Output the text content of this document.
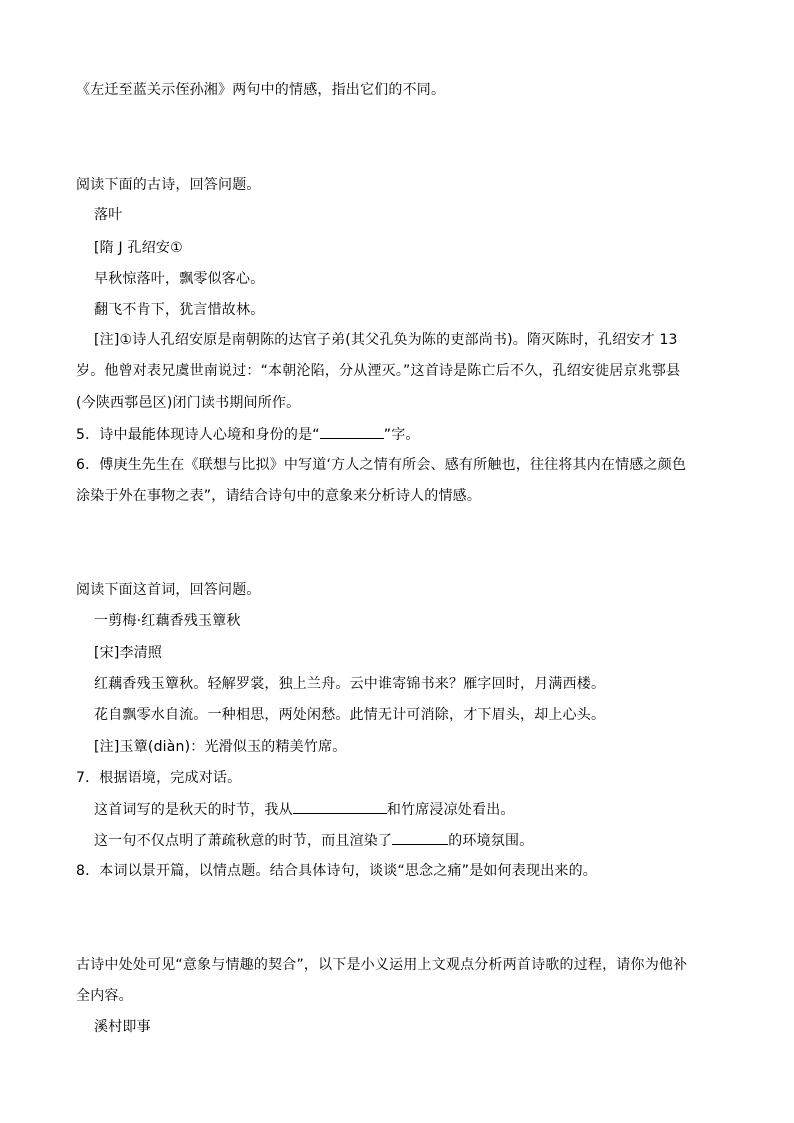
《左迁至蓝关示侄孙湘》两句中的情感，指出它们的不同。
阅读下面的古诗，回答问题。
落叶
[隋 J 孔绍安①
早秋惊落叶，飘零似客心。
翻飞不肯下，犹言惜故林。
[注]①诗人孔绍安原是南朝陈的达官子弟(其父孔奂为陈的吏部尚书)。隋灭陈时，孔绍安才 13
岁。他曾对表兄虞世南说过：“本朝沦陷，分从湮灭。”这首诗是陈亡后不久，孔绍安徙居京兆鄠县
(今陕西鄠邑区)闭门读书期间所作。
5．诗中最能体现诗人心境和身份的是“	”字。
6．傅庚生先生在《联想与比拟》中写道‘方人之情有所会、感有所触也，往往将其内在情感之颜色
涂染于外在事物之表”，请结合诗句中的意象来分析诗人的情感。
阅读下面这首词，回答问题。
一剪梅·红藕香残玉簟秋
[宋]李清照
红藕香残玉簟秋。轻解罗裳，独上兰舟。云中谁寄锦书来？雁字回时，月满西楼。
花自飘零水自流。一种相思，两处闲愁。此情无计可消除，才下眉头，却上心头。
[注]玉簟(diàn)：光滑似玉的精美竹席。
7．根据语境，完成对话。
这首词写的是秋天的时节，我从	和竹席浸凉处看出。
这一句不仅点明了萧疏秋意的时节，而且渲染了	的环境氛围。
8．本词以景开篇，以情点题。结合具体诗句，谈谈“思念之痛”是如何表现出来的。
古诗中处处可见“意象与情趣的契合”，以下是小义运用上文观点分析两首诗歌的过程，请你为他补
全内容。
溪村即事
